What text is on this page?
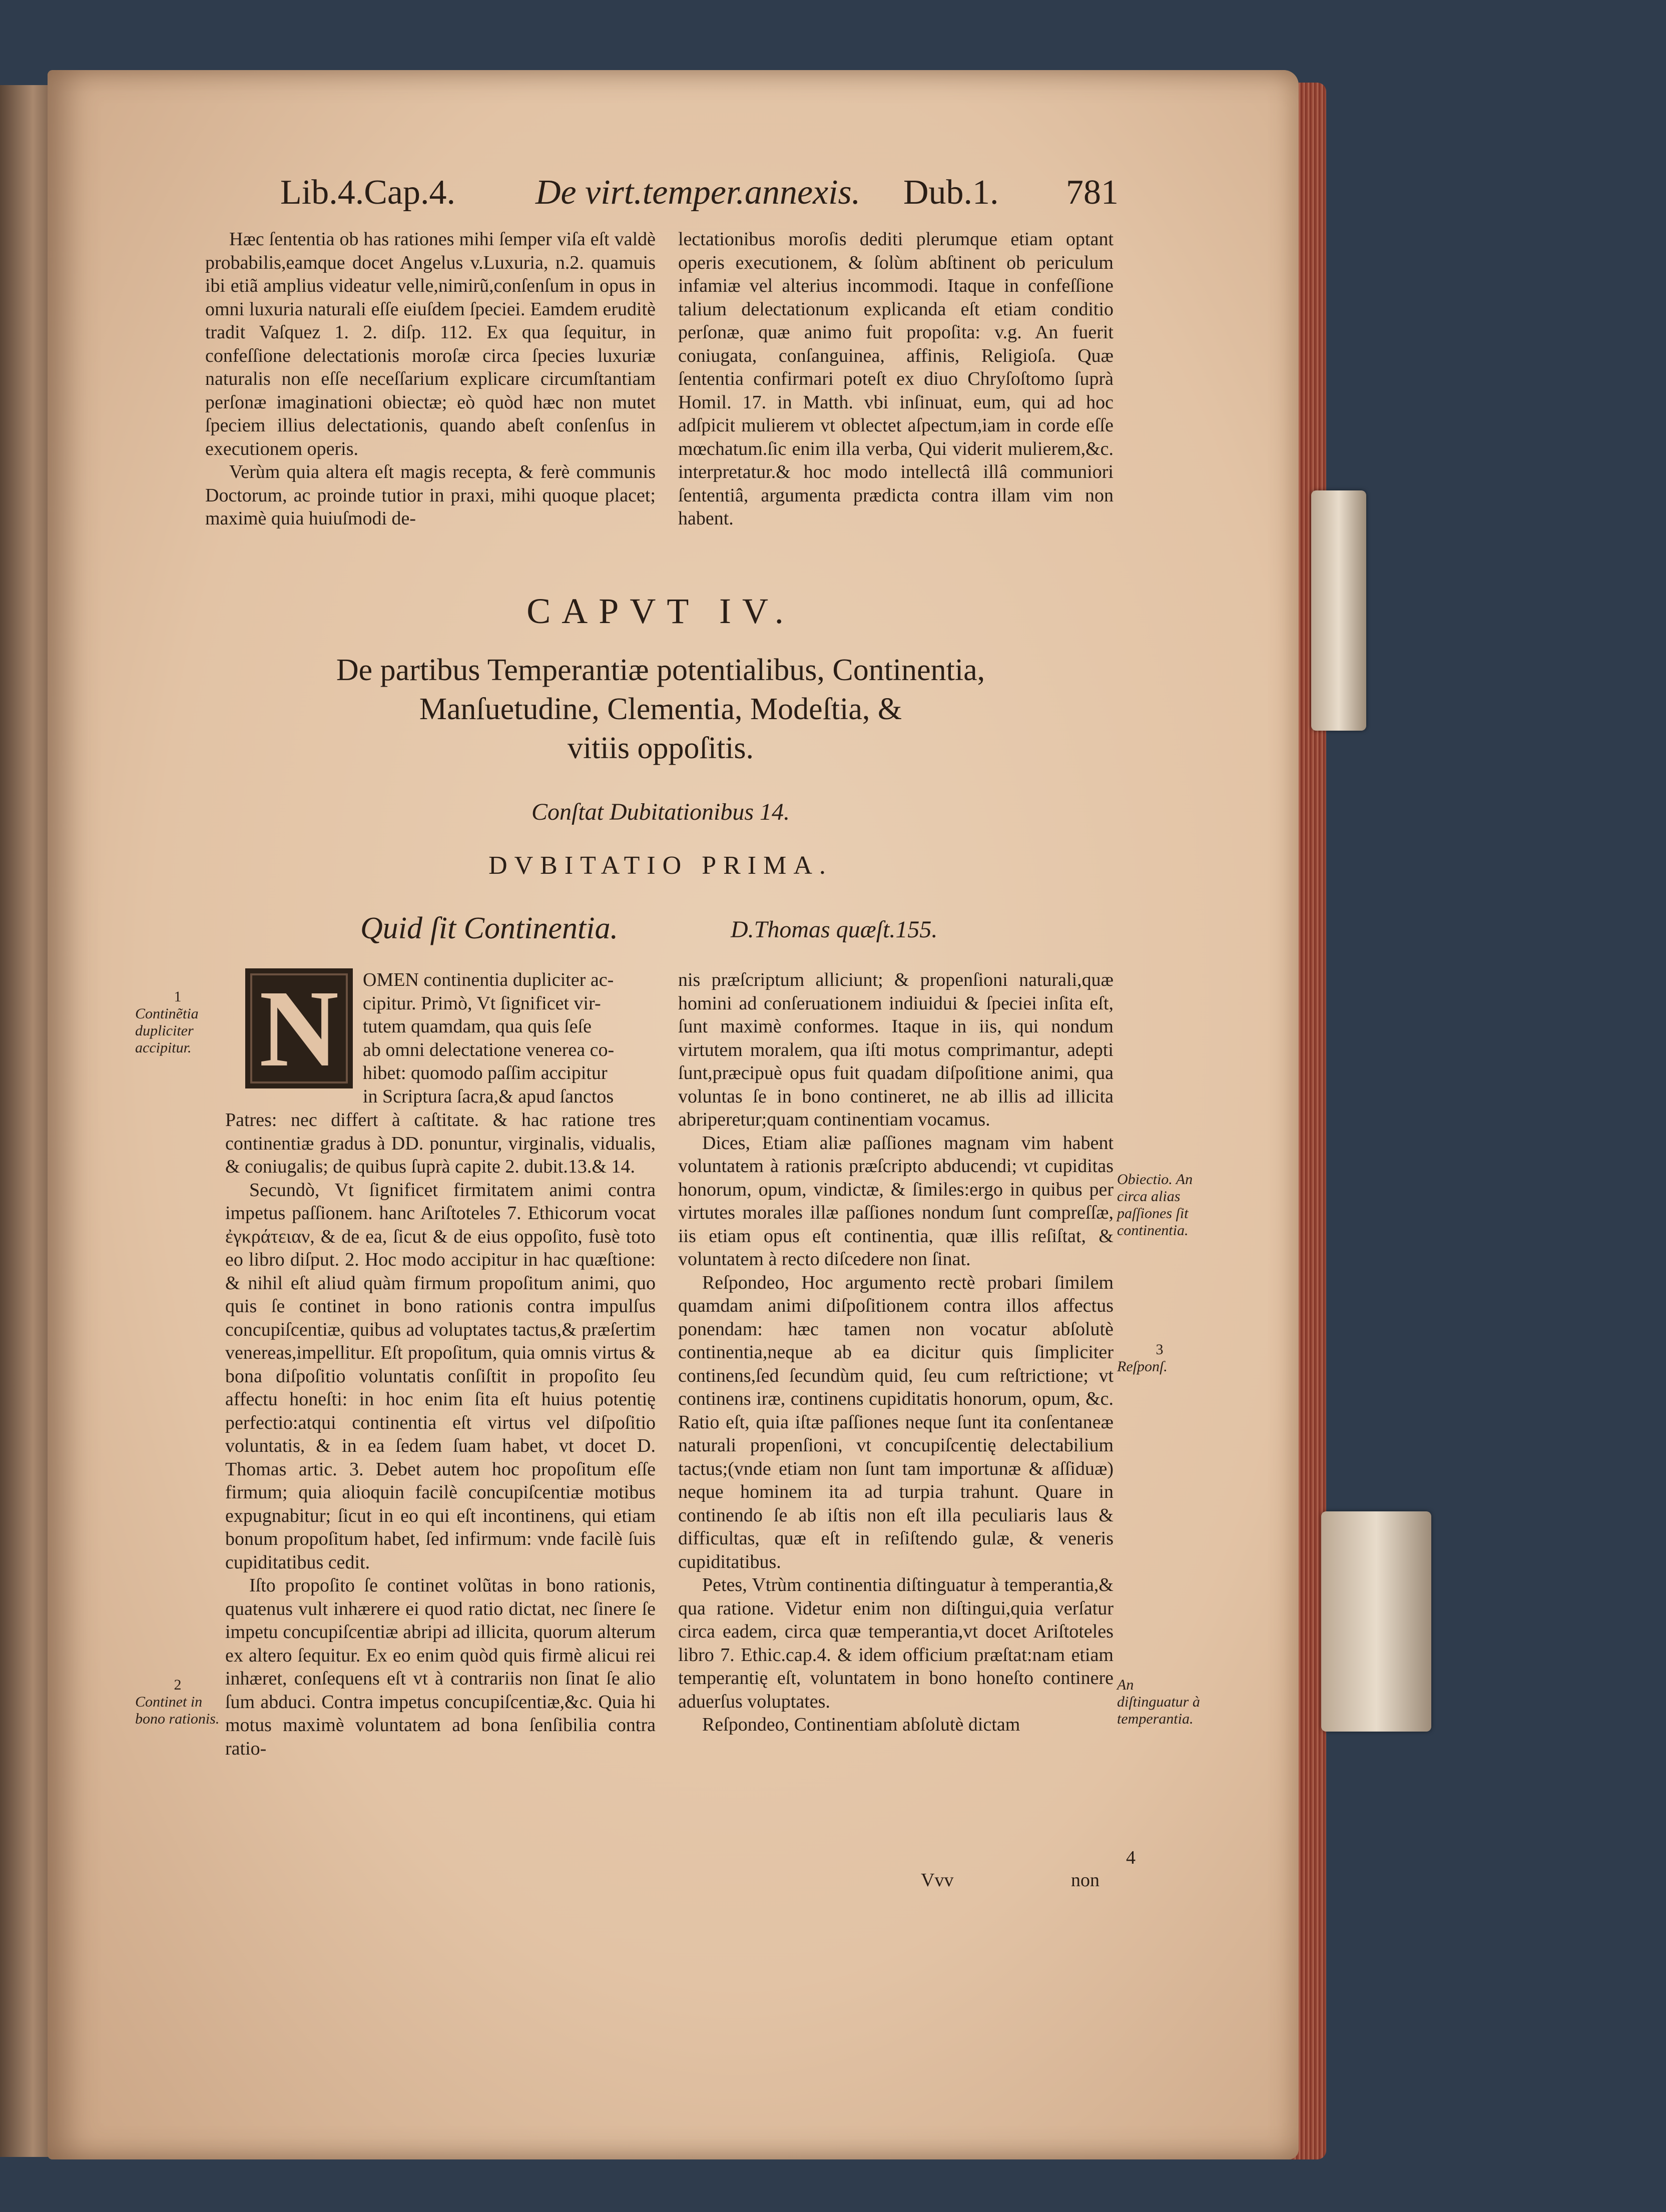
Lib.4.Cap.4. De virt.temper.annexis. Dub.1. 781

Hæc ſententia ob has rationes mihi ſemper viſa eſt valdè probabilis,eamque docet Angelus v.Luxuria, n.2. quamuis ibi etiã amplius videatur velle,nimirũ,conſenſum in opus in omni luxuria naturali eſſe eiuſdem ſpeciei. Eamdem eruditè tradit Vaſquez 1. 2. diſp. 112. Ex qua ſequitur, in confeſſione delectationis moroſæ circa ſpecies luxuriæ naturalis non eſſe neceſſarium explicare circumſtantiam perſonæ imaginationi obiectæ; eò quòd hæc non mutet ſpeciem illius delectationis, quando abeſt conſenſus in executionem operis.

Verùm quia altera eſt magis recepta, & ferè communis Doctorum, ac proinde tutior in praxi, mihi quoque placet; maximè quia huiuſmodi de-

lectationibus moroſis dediti plerumque etiam optant operis executionem, & ſolùm abſtinent ob periculum infamiæ vel alterius incommodi. Itaque in confeſſione talium delectationum explicanda eſt etiam conditio perſonæ, quæ animo fuit propoſita: v.g. An fuerit coniugata, conſanguinea, affinis, Religioſa. Quæ ſententia confirmari poteſt ex diuo Chryſoſtomo ſuprà Homil. 17. in Matth. vbi inſinuat, eum, qui ad hoc adſpicit mulierem vt oblectet aſpectum,iam in corde eſſe mœchatum.ſic enim illa verba, Qui viderit mulierem,&c. interpretatur.& hoc modo intellectâ illâ communiori ſententiâ, argumenta prædicta contra illam vim non habent.

CAPVT IV.
De partibus Temperantiæ potentialibus, Continentia,
Manſuetudine, Clementia, Modeſtia, &
vitiis oppoſitis.
Conſtat Dubitationibus 14.
DVBITATIO PRIMA.
Quid ſit Continentia.	D.Thomas quæſt.155.
N	OMEN continentia dupliciter ac-
cipitur. Primò, Vt ſignificet vir-
tutem quamdam, qua quis ſeſe
ab omni delectatione venerea co-
hibet: quomodo paſſim accipitur
in Scriptura ſacra,& apud ſanctos

Patres: nec differt à caſtitate. & hac ratione tres continentiæ gradus à DD. ponuntur, virginalis, vidualis, & coniugalis; de quibus ſuprà capite 2. dubit.13.& 14.

Secundò, Vt ſignificet firmitatem animi contra impetus paſſionem. hanc Ariſtoteles 7. Ethicorum vocat ἐγκράτειαν, & de ea, ſicut & de eius oppoſito, fusè toto eo libro diſput. 2. Hoc modo accipitur in hac quæſtione: & nihil eſt aliud quàm firmum propoſitum animi, quo quis ſe continet in bono rationis contra impulſus concupiſcentiæ, quibus ad voluptates tactus,& præſertim venereas,impellitur. Eſt propoſitum, quia omnis virtus & bona diſpoſitio voluntatis conſiſtit in propoſito ſeu affectu honeſti: in hoc enim ſita eſt huius potentię perfectio:atqui continentia eſt virtus vel diſpoſitio voluntatis, & in ea ſedem ſuam habet, vt docet D. Thomas artic. 3. Debet autem hoc propoſitum eſſe firmum; quia alioquin facilè concupiſcentiæ motibus expugnabitur; ſicut in eo qui eſt incontinens, qui etiam bonum propoſitum habet, ſed infirmum: vnde facilè ſuis cupiditatibus cedit.

Iſto propoſito ſe continet volũtas in bono rationis, quatenus vult inhærere ei quod ratio dictat, nec ſinere ſe impetu concupiſcentiæ abripi ad illicita, quorum alterum ex altero ſequitur. Ex eo enim quòd quis firmè alicui rei inhæret, conſequens eſt vt à contrariis non ſinat ſe alio ſum abduci. Contra impetus concupiſcentiæ,&c. Quia hi motus maximè voluntatem ad bona ſenſibilia contra ratio-

nis præſcriptum alliciunt; & propenſioni naturali,quæ homini ad conſeruationem indiuidui & ſpeciei inſita eſt, ſunt maximè conformes. Itaque in iis, qui nondum virtutem moralem, qua iſti motus comprimantur, adepti ſunt,præcipuè opus fuit quadam diſpoſitione animi, qua voluntas ſe in bono contineret, ne ab illis ad illicita abriperetur;quam continentiam vocamus.

Dices, Etiam aliæ paſſiones magnam vim habent voluntatem à rationis præſcripto abducendi; vt cupiditas honorum, opum, vindictæ, & ſimiles:ergo in quibus per virtutes morales illæ paſſiones nondum ſunt compreſſæ, iis etiam opus eſt continentia, quæ illis reſiſtat, & voluntatem à recto diſcedere non ſinat.

Reſpondeo, Hoc argumento rectè probari ſimilem quamdam animi diſpoſitionem contra illos affectus ponendam: hæc tamen non vocatur abſolutè continentia,neque ab ea dicitur quis ſimpliciter continens,ſed ſecundùm quid, ſeu cum reſtrictione; vt continens iræ, continens cupiditatis honorum, opum, &c. Ratio eſt, quia iſtæ paſſiones neque ſunt ita conſentaneæ naturali propenſioni, vt concupiſcentię delectabilium tactus;(vnde etiam non ſunt tam importunæ & aſſiduæ) neque hominem ita ad turpia trahunt. Quare in continendo ſe ab iſtis non eſt illa peculiaris laus & difficultas, quæ eſt in reſiſtendo gulæ, & veneris cupiditatibus.

Petes, Vtrùm continentia diſtinguatur à temperantia,& qua ratione. Videtur enim non diſtingui,quia verſatur circa eadem, circa quæ temperantia,vt docet Ariſtoteles libro 7. Ethic.cap.4. & idem officium præſtat:nam etiam temperantię eſt, voluntatem in bono honeſto continere aduerſus voluptates.

Reſpondeo, Continentiam abſolutè dictam

1
Continẽtia dupliciter accipitur.
2
Continet in bono rationis.
Obiectio. An circa alias paſſiones ſit continentia.
3
Reſponſ.
An diſtinguatur à temperantia.
4
Vvv	non
